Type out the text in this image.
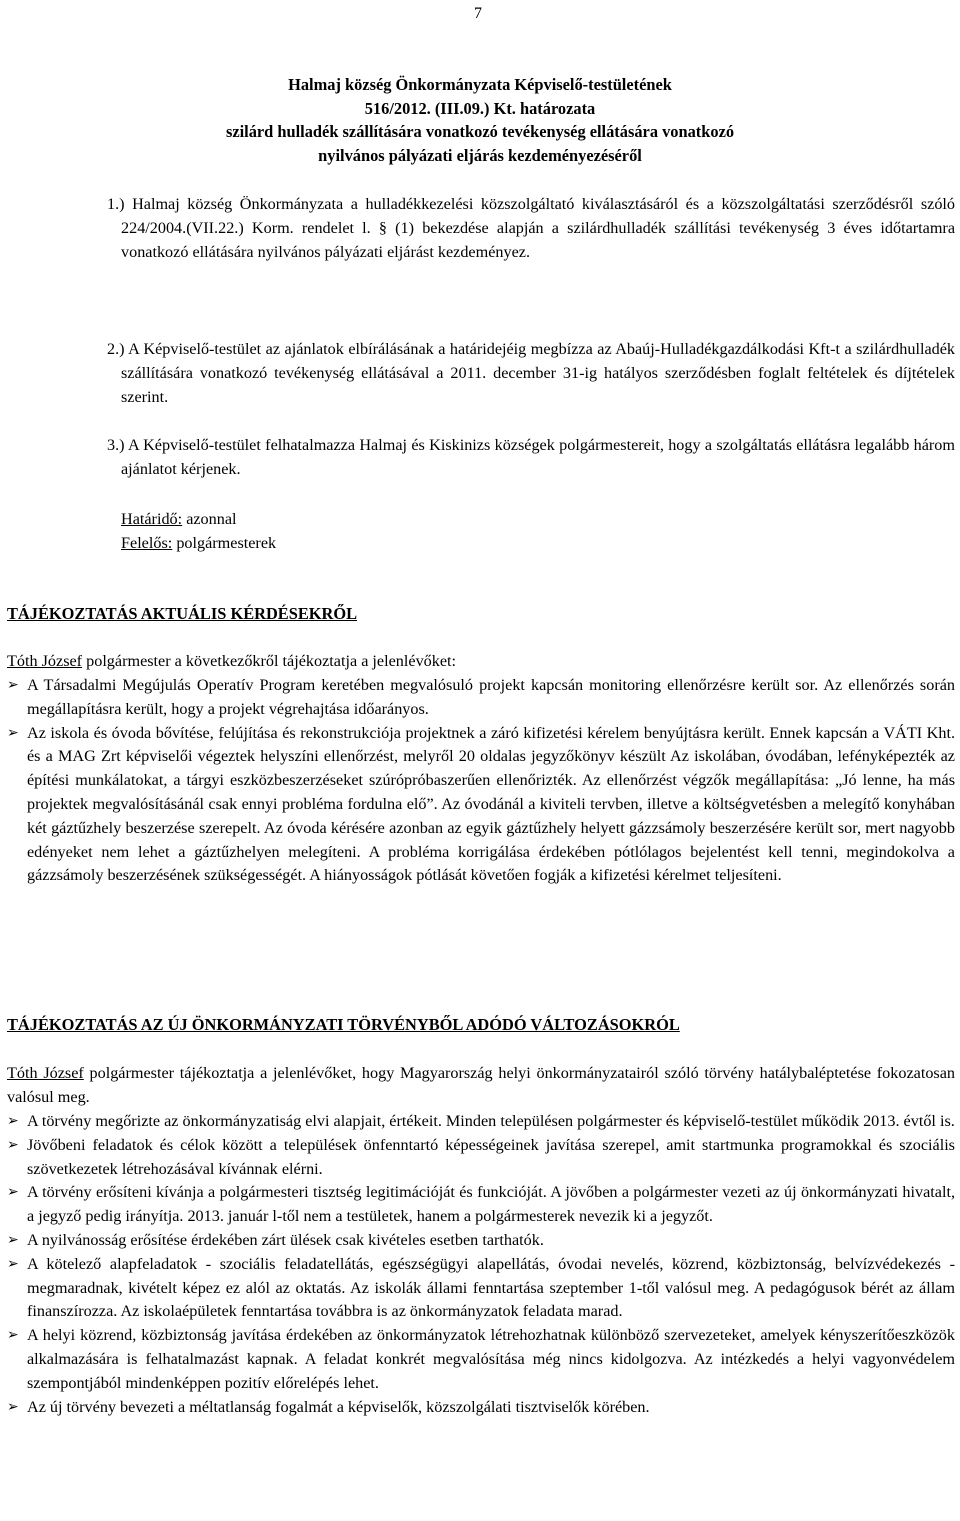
7
Halmaj község Önkormányzata Képviselő-testületének
516/2012. (III.09.) Kt. határozata
szilárd hulladék szállítására vonatkozó tevékenység ellátására vonatkozó
nyilvános pályázati eljárás kezdeményezéséről

1.) Halmaj község Önkormányzata a hulladékkezelési közszolgáltató kiválasztásáról és a közszolgáltatási szerződésről szóló 224/2004.(VII.22.) Korm. rendelet l. § (1) bekezdése alapján a szilárdhulladék szállítási tevékenység 3 éves időtartamra vonatkozó ellátására nyilvános pályázati eljárást kezdeményez.

2.) A Képviselő-testület az ajánlatok elbírálásának a határidejéig megbízza az Abaúj-Hulladékgazdálkodási Kft-t a szilárdhulladék szállítására vonatkozó tevékenység ellátásával a 2011. december 31-ig hatályos szerződésben foglalt feltételek és díjtételek szerint.

3.) A Képviselő-testület felhatalmazza Halmaj és Kiskinizs községek polgármestereit, hogy a szolgáltatás ellátásra legalább három ajánlatot kérjenek.

Határidő: azonnal
Felelős: polgármesterek
TÁJÉKOZTATÁS AKTUÁLIS KÉRDÉSEKRŐL
Tóth József polgármester a következőkről tájékoztatja a jelenlévőket:
➢ A Társadalmi Megújulás Operatív Program keretében megvalósuló projekt kapcsán monitoring ellenőrzésre került sor. Az ellenőrzés során megállapításra került, hogy a projekt végrehajtása időarányos.
➢ Az iskola és óvoda bővítése, felújítása és rekonstrukciója projektnek a záró kifizetési kérelem benyújtásra került. Ennek kapcsán a VÁTI Kht. és a MAG Zrt képviselői végeztek helyszíni ellenőrzést, melyről 20 oldalas jegyzőkönyv készült Az iskolában, óvodában, lefényképezték az építési munkálatokat, a tárgyi eszközbeszerzéseket szúrópróbaszerűen ellenőrizték. Az ellenőrzést végzők megállapítása: „Jó lenne, ha más projektek megvalósításánál csak ennyi probléma fordulna elő”. Az óvodánál a kiviteli tervben, illetve a költségvetésben a melegítő konyhában két gáztűzhely beszerzése szerepelt. Az óvoda kérésére azonban az egyik gáztűzhely helyett gázzsámoly beszerzésére került sor, mert nagyobb edényeket nem lehet a gáztűzhelyen melegíteni. A probléma korrigálása érdekében pótlólagos bejelentést kell tenni, megindokolva a gázzsámoly beszerzésének szükségességét. A hiányosságok pótlását követően fogják a kifizetési kérelmet teljesíteni.
TÁJÉKOZTATÁS AZ ÚJ ÖNKORMÁNYZATI TÖRVÉNYBŐL ADÓDÓ VÁLTOZÁSOKRÓL
Tóth József polgármester tájékoztatja a jelenlévőket, hogy Magyarország helyi önkormányzatairól szóló törvény hatálybaléptetése fokozatosan valósul meg.
➢ A törvény megőrizte az önkormányzatiság elvi alapjait, értékeit. Minden településen polgármester és képviselő-testület működik 2013. évtől is.
➢ Jövőbeni feladatok és célok között a települések önfenntartó képességeinek javítása szerepel, amit startmunka programokkal és szociális szövetkezetek létrehozásával kívánnak elérni.
➢ A törvény erősíteni kívánja a polgármesteri tisztség legitimációját és funkcióját. A jövőben a polgármester vezeti az új önkormányzati hivatalt, a jegyző pedig irányítja. 2013. január l-től nem a testületek, hanem a polgármesterek nevezik ki a jegyzőt.
➢ A nyilvánosság erősítése érdekében zárt ülések csak kivételes esetben tarthatók.
➢ A kötelező alapfeladatok - szociális feladatellátás, egészségügyi alapellátás, óvodai nevelés, közrend, közbiztonság, belvízvédekezés - megmaradnak, kivételt képez ez alól az oktatás. Az iskolák állami fenntartása szeptember 1-től valósul meg. A pedagógusok bérét az állam finanszírozza. Az iskolaépületek fenntartása továbbra is az önkormányzatok feladata marad.
➢ A helyi közrend, közbiztonság javítása érdekében az önkormányzatok létrehozhatnak különböző szervezeteket, amelyek kényszerítőeszközök alkalmazására is felhatalmazást kapnak. A feladat konkrét megvalósítása még nincs kidolgozva. Az intézkedés a helyi vagyonvédelem szempontjából mindenképpen pozitív előrelépés lehet.
➢ Az új törvény bevezeti a méltatlanság fogalmát a képviselők, közszolgálati tisztviselők körében.
